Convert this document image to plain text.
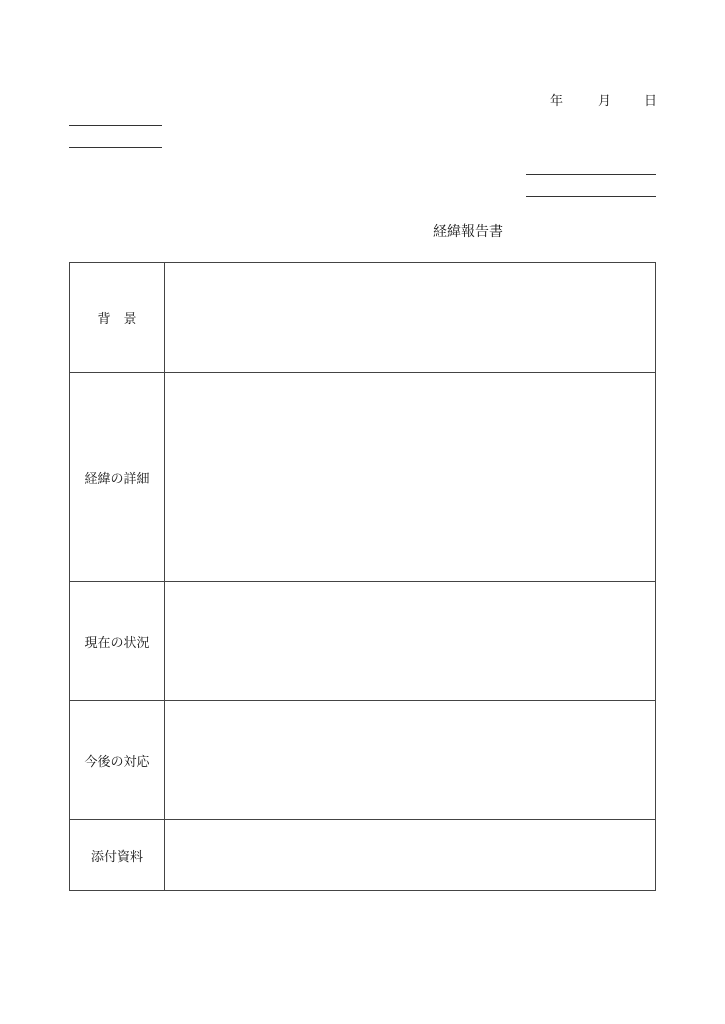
年	月	日
経緯報告書
背　景	
経緯の詳細	
現在の状況	
今後の対応	
添付資料	
